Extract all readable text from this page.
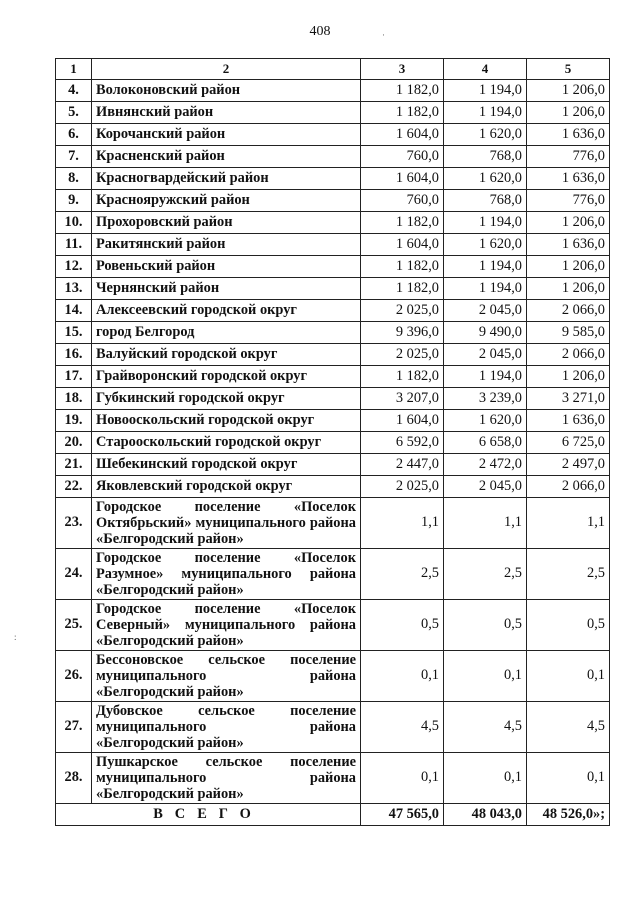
408	·
:
1	2	3	4	5
4.	Волоконовский район	1 182,0	1 194,0	1 206,0
5.	Ивнянский район	1 182,0	1 194,0	1 206,0
6.	Корочанский район	1 604,0	1 620,0	1 636,0
7.	Красненский район	760,0	768,0	776,0
8.	Красногвардейский район	1 604,0	1 620,0	1 636,0
9.	Краснояружский район	760,0	768,0	776,0
10.	Прохоровский район	1 182,0	1 194,0	1 206,0
11.	Ракитянский район	1 604,0	1 620,0	1 636,0
12.	Ровеньский район	1 182,0	1 194,0	1 206,0
13.	Чернянский район	1 182,0	1 194,0	1 206,0
14.	Алексеевский городской округ	2 025,0	2 045,0	2 066,0
15.	город Белгород	9 396,0	9 490,0	9 585,0
16.	Валуйский городской округ	2 025,0	2 045,0	2 066,0
17.	Грайворонский городской округ	1 182,0	1 194,0	1 206,0
18.	Губкинский городской округ	3 207,0	3 239,0	3 271,0
19.	Новооскольский городской округ	1 604,0	1 620,0	1 636,0
20.	Старооскольский городской округ	6 592,0	6 658,0	6 725,0
21.	Шебекинский городской округ	2 447,0	2 472,0	2 497,0
22.	Яковлевский городской округ	2 025,0	2 045,0	2 066,0
23.	Городское поселение «Поселок Октябрьский» муниципального района «Белгородский район»	1,1	1,1	1,1
24.	Городское поселение «Поселок Разумное» муниципального района «Белгородский район»	2,5	2,5	2,5
25.	Городское поселение «Поселок Северный» муниципального района «Белгородский район»	0,5	0,5	0,5
26.	Бессоновское сельское поселение муниципального района «Белгородский район»	0,1	0,1	0,1
27.	Дубовское сельское поселение муниципального района «Белгородский район»	4,5	4,5	4,5
28.	Пушкарское сельское поселение муниципального района «Белгородский район»	0,1	0,1	0,1
ВСЕГО		47 565,0	48 043,0	48 526,0»;
